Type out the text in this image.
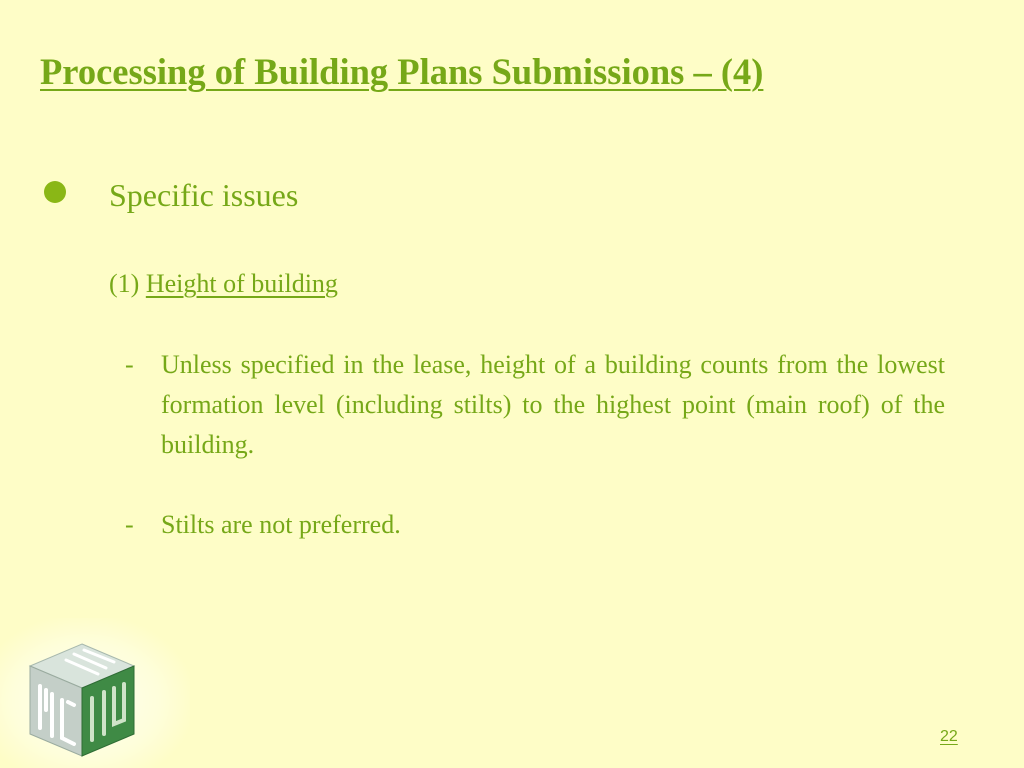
Processing of Building Plans Submissions – (4)
Specific issues
(1) Height of building
- Unless specified in the lease, height of a building counts from the lowest formation level (including stilts) to the highest point (main roof) of the building.
- Stilts are not preferred.
22
